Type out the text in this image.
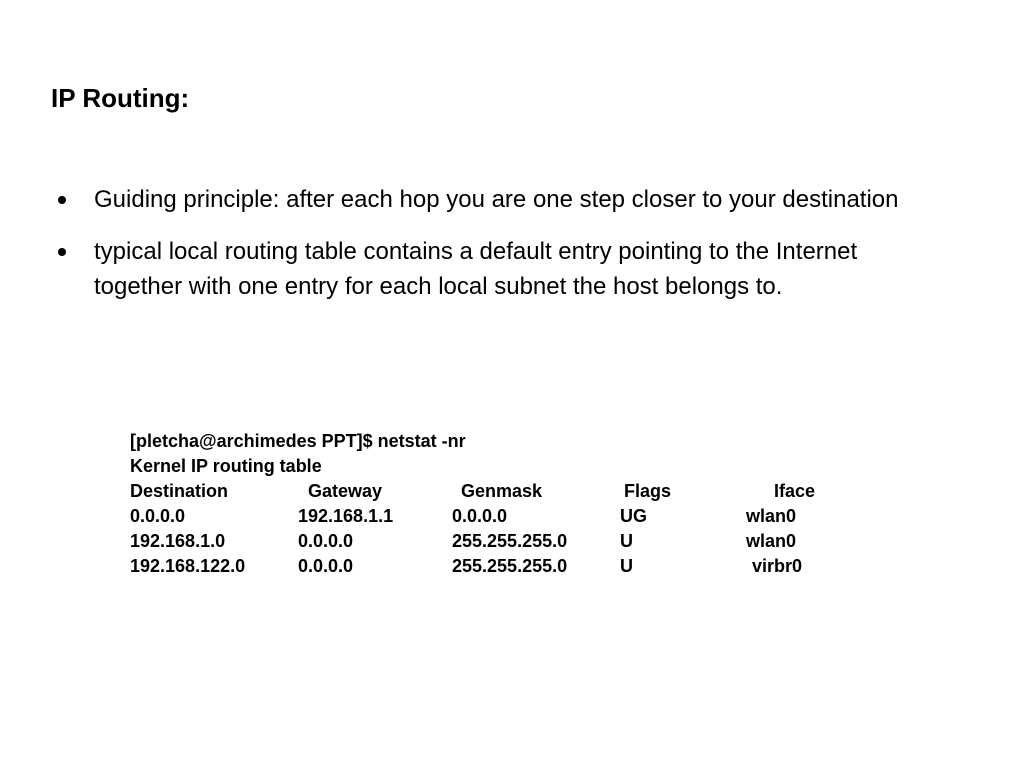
IP Routing:
Guiding principle: after each hop you are one step closer to your destination
typical local routing table contains a default entry pointing to the Internet together with one entry for each local subnet the host belongs to.
[pletcha@archimedes PPT]$ netstat -nr
Kernel IP routing table
Destination	Gateway	Genmask	Flags	Iface
0.0.0.0	192.168.1.1	0.0.0.0	UG	wlan0
192.168.1.0	0.0.0.0	255.255.255.0	U	wlan0
192.168.122.0	0.0.0.0	255.255.255.0	U	virbr0
